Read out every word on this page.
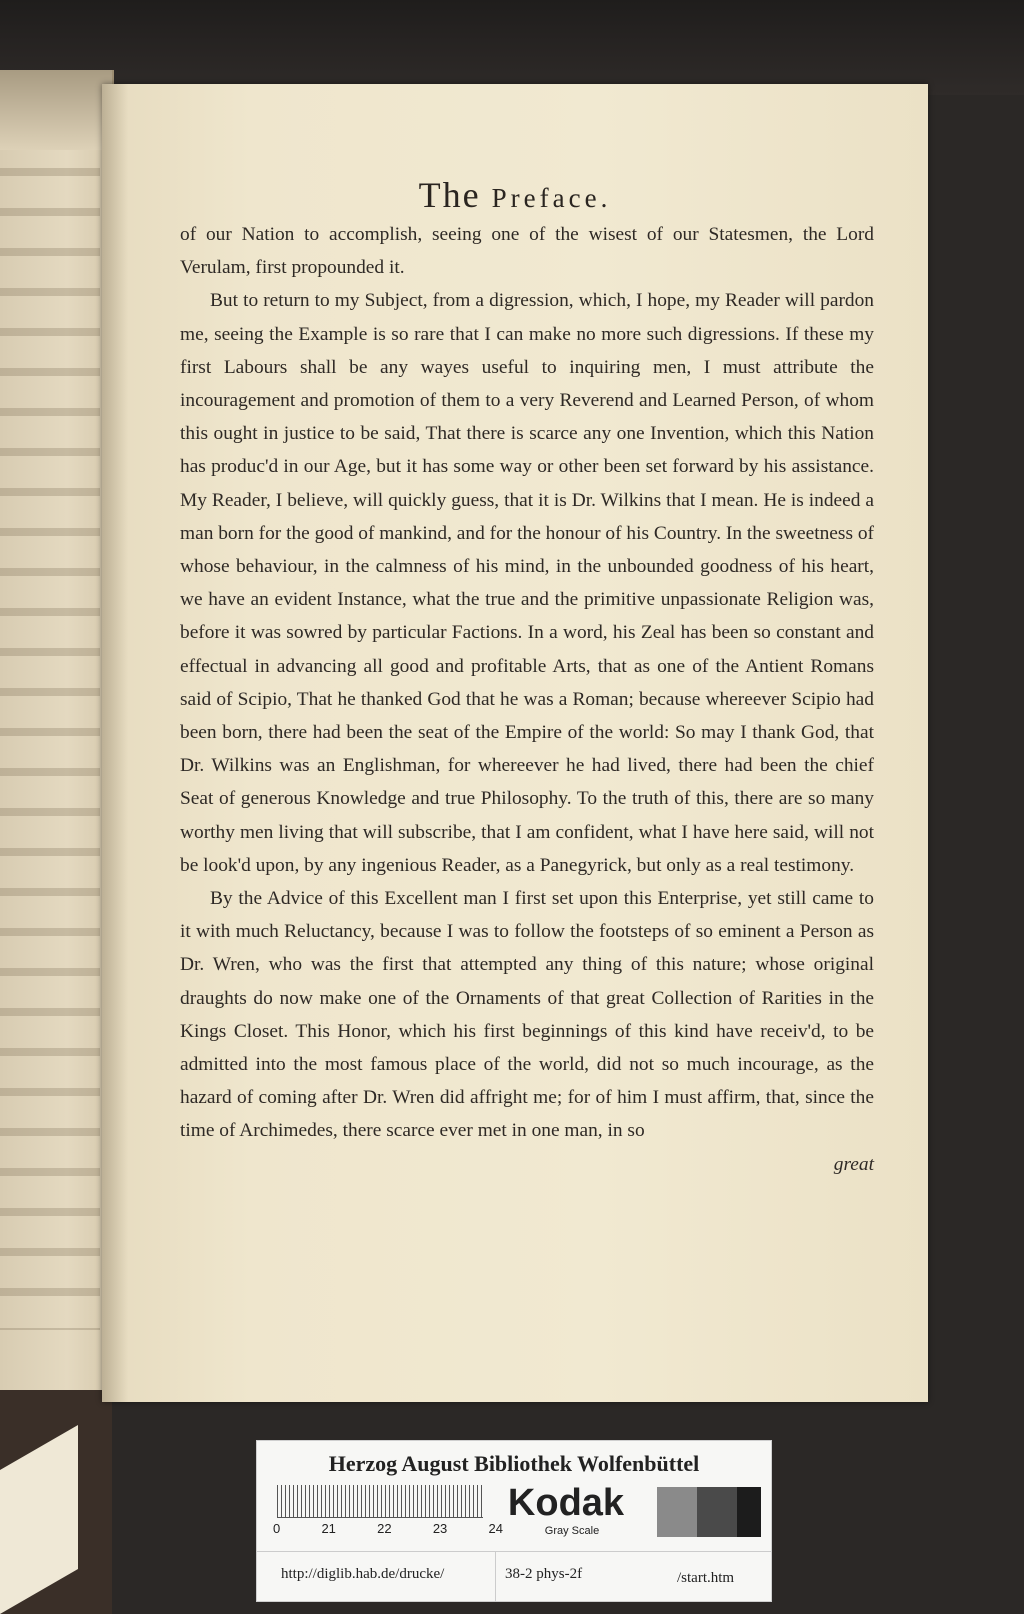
The Preface.

of our Nation to accomplish, seeing one of the wisest of our Statesmen, the Lord Verulam, first propounded it.

But to return to my Subject, from a digression, which, I hope, my Reader will pardon me, seeing the Example is so rare that I can make no more such digressions. If these my first Labours shall be any wayes useful to inquiring men, I must attribute the incouragement and promotion of them to a very Reverend and Learned Person, of whom this ought in justice to be said, That there is scarce any one Invention, which this Nation has produc'd in our Age, but it has some way or other been set forward by his assistance. My Reader, I believe, will quickly guess, that it is Dr. Wilkins that I mean. He is indeed a man born for the good of mankind, and for the honour of his Country. In the sweetness of whose behaviour, in the calmness of his mind, in the unbounded goodness of his heart, we have an evident Instance, what the true and the primitive unpassionate Religion was, before it was sowred by particular Factions. In a word, his Zeal has been so constant and effectual in advancing all good and profitable Arts, that as one of the Antient Romans said of Scipio, That he thanked God that he was a Roman; because whereever Scipio had been born, there had been the seat of the Empire of the world: So may I thank God, that Dr. Wilkins was an Englishman, for whereever he had lived, there had been the chief Seat of generous Knowledge and true Philosophy. To the truth of this, there are so many worthy men living that will subscribe, that I am confident, what I have here said, will not be look'd upon, by any ingenious Reader, as a Panegyrick, but only as a real testimony.

By the Advice of this Excellent man I first set upon this Enterprise, yet still came to it with much Reluctancy, because I was to follow the footsteps of so eminent a Person as Dr. Wren, who was the first that attempted any thing of this nature; whose original draughts do now make one of the Ornaments of that great Collection of Rarities in the Kings Closet. This Honor, which his first beginnings of this kind have receiv'd, to be admitted into the most famous place of the world, did not so much incourage, as the hazard of coming after Dr. Wren did affright me; for of him I must affirm, that, since the time of Archimedes, there scarce ever met in one man, in so

great

Herzog August Bibliothek Wolfenbüttel
0	21	22	23	24
Kodak
Gray Scale
http://diglib.hab.de/drucke/	38-2 phys-2f	/start.htm
